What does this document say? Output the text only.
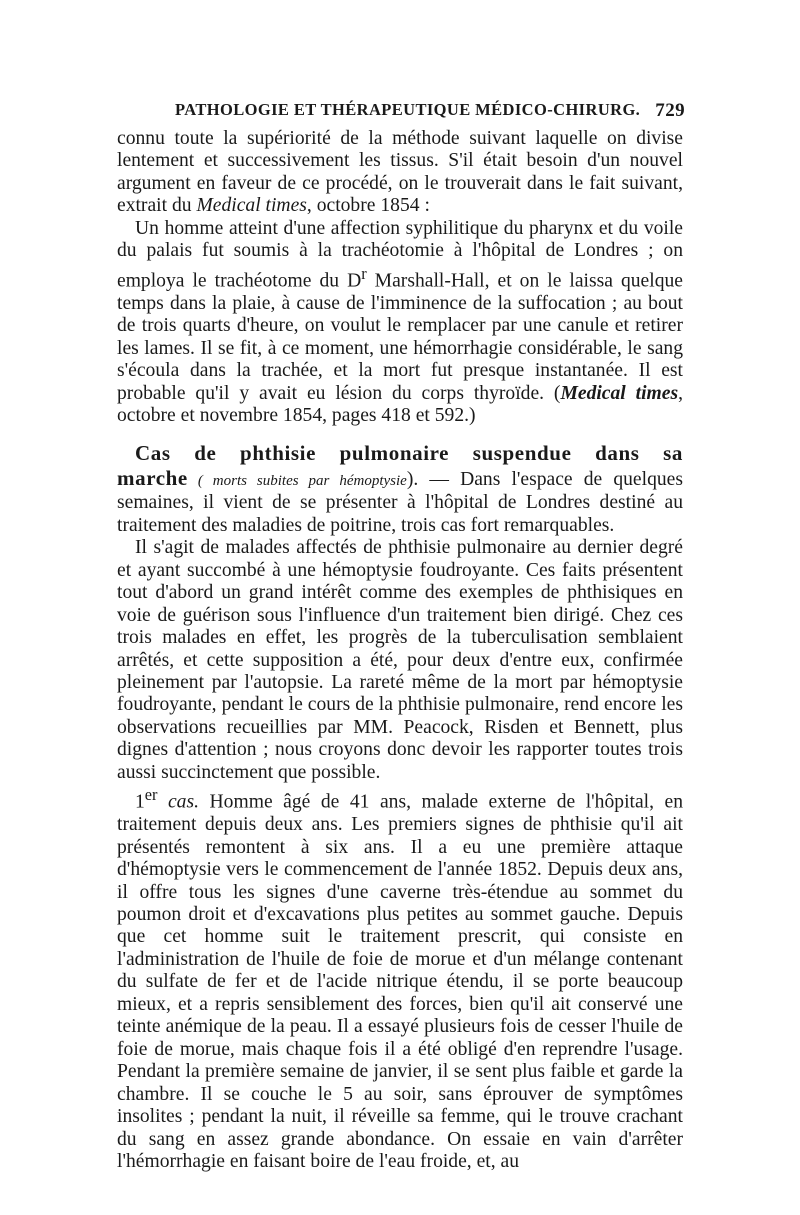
PATHOLOGIE ET THÉRAPEUTIQUE MÉDICO-CHIRURG. 729

connu toute la supériorité de la méthode suivant laquelle on divise lentement et successivement les tissus. S'il était besoin d'un nouvel argument en faveur de ce procédé, on le trouverait dans le fait suivant, extrait du Medical times, octobre 1854 :

Un homme atteint d'une affection syphilitique du pharynx et du voile du palais fut soumis à la trachéotomie à l'hôpital de Londres ; on employa le trachéotome du $D^r$ Marshall-Hall, et on le laissa quelque temps dans la plaie, à cause de l'imminence de la suffocation ; au bout de trois quarts d'heure, on voulut le remplacer par une canule et retirer les lames. Il se fit, à ce moment, une hémorrhagie considérable, le sang s'écoula dans la trachée, et la mort fut presque instantanée. Il est probable qu'il y avait eu lésion du corps thyroïde. (Medical times, octobre et novembre 1854, pages 418 et 592.)

Cas de phthisie pulmonaire suspendue dans sa marche ( morts subites par hémoptysie). — Dans l'espace de quelques semaines, il vient de se présenter à l'hôpital de Londres destiné au traitement des maladies de poitrine, trois cas fort remarquables.

Il s'agit de malades affectés de phthisie pulmonaire au dernier degré et ayant succombé à une hémoptysie foudroyante. Ces faits présentent tout d'abord un grand intérêt comme des exemples de phthisiques en voie de guérison sous l'influence d'un traitement bien dirigé. Chez ces trois malades en effet, les progrès de la tuberculisation semblaient arrêtés, et cette supposition a été, pour deux d'entre eux, confirmée pleinement par l'autopsie. La rareté même de la mort par hémoptysie foudroyante, pendant le cours de la phthisie pulmonaire, rend encore les observations recueillies par MM. Peacock, Risden et Bennett, plus dignes d'attention ; nous croyons donc devoir les rapporter toutes trois aussi succinctement que possible.

1er cas. Homme âgé de 41 ans, malade externe de l'hôpital, en traitement depuis deux ans. Les premiers signes de phthisie qu'il ait présentés remontent à six ans. Il a eu une première attaque d'hémoptysie vers le commencement de l'année 1852. Depuis deux ans, il offre tous les signes d'une caverne très-étendue au sommet du poumon droit et d'excavations plus petites au sommet gauche. Depuis que cet homme suit le traitement prescrit, qui consiste en l'administration de l'huile de foie de morue et d'un mélange contenant du sulfate de fer et de l'acide nitrique étendu, il se porte beaucoup mieux, et a repris sensiblement des forces, bien qu'il ait conservé une teinte anémique de la peau. Il a essayé plusieurs fois de cesser l'huile de foie de morue, mais chaque fois il a été obligé d'en reprendre l'usage. Pendant la première semaine de janvier, il se sent plus faible et garde la chambre. Il se couche le 5 au soir, sans éprouver de symptômes insolites ; pendant la nuit, il réveille sa femme, qui le trouve crachant du sang en assez grande abondance. On essaie en vain d'arrêter l'hémorrhagie en faisant boire de l'eau froide, et, au
